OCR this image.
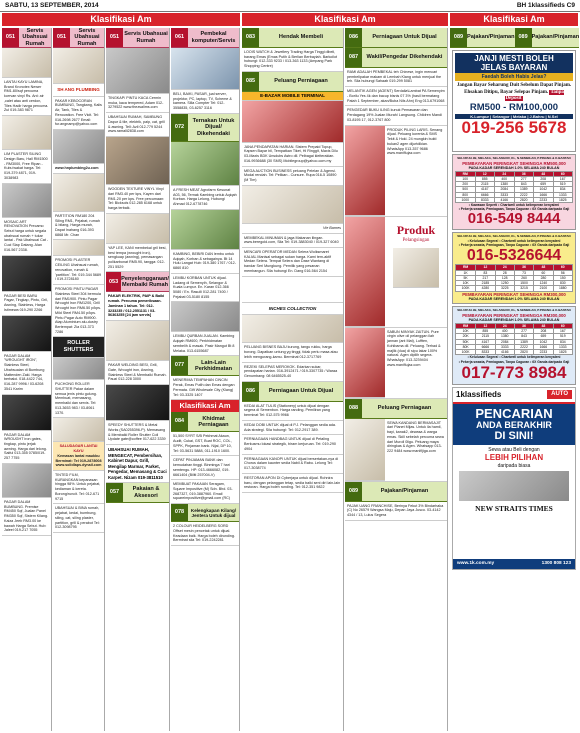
SABTU, 13 SEPTEMBER, 2014	BH 1klassifieds C9
Klasifikasi Am	Klasifikasi Am	Klasifikasi Am
051
Servis Ubahsuai Rumah
LANTAI KAYU LAMINA, Brand Kronotex Newer RM1.80/sqf percuma korrvan vinyl Rs. Ant: air ,calet atau anti cerdon, Tiles Hadir harga percuma. Zul 019-383 9871
LIM PLASTER SILING Design Baru, Hall RM1500 - RM3000, Free Ripan - Kubu'wakat harga. Tel: 019-379 4871, 019-3038983
MOSAIC ART RENOVATION Precamo Sebut harga untuk segala ubahsuai rumah + tukar lantai - Pak Ubahsuai Cat - Cuci Siap Datang. Alan 016-567 2338.
PAGAR BESI BARU Pagar, Tingkap, Pintu, Gril, Awning, Stainless, Harga Istimewa 019-290 2266
PAGAR DALAM "WROUGHT IRON", Stainless Steel, Ubahsuaian di Bumbung Mattenden Zaki. Harga berbaloi. 018-4422 744, 016-287 9996 / 03-6208 3541 Karim
PAGAR DALAM WROUGHT iron gates, tingkap, pintu jerjak awning. Harga dari lelong. Saiful 013-355 0785/019-257 7755
PAGAR DALAM BUMBUNG. Premise RM450 Sqf, Jualan Panel RM350 Sqf, Sistem Kilang. Kaiza Jeeb RM3.00 ke bawah Harga Sebut. Hub: Jaleel 019-217 7055
051
Servis Ubahsuai Rumah
SH ANG PLUMBING
PAKAR KEBOCORAN BUMBUNG, Tangkang, Kalis Air, Tank, Tiles & Renovation. Free Vicit. Tel: 016-2698 2677 Email: fur.angnamp@yahoo.com
www.hnplumbing2u.com
PARTITION RM180 204 Siling RM1, Pejabat, rumah & bilang, Harga murah, Dapat Inahang 016-393 6868 Mr. Chan
PROMOSI PLASTER CEILING Ubahsuai rumah, renovation, rumah & 'partition'. Tel: 019-344 5689 / 019-3728180
PROMOSI PINTU PAGAR Stainless Steel 304 bermula dari RM1900. Pintu Pagar Wrought Iron RM1200, Grill Wrought Iron RM6.50 p/kps. Mild Steel RM4.50 p/kps. Pintu Pagar Auto RM900. Atap Aluminium alu-dustry Bertempat: Zia 013-373 7286
ROLLER SHUTTERS
PUCHONG ROLLER SHUTTER Pakar dalam semua jenis pintu gulung. Membuat, memasang, membaiki dan servis. Tel: 013-3653 983 / 03-8061 1370.
SALUDAGAR LANTAI KAYU
Kemasan lantai maukbu
Berminat: Tel 019-2878008
www.solidlaps.dynail.com
TINTED FILM, KURANGKAN kepanasan hingga 98%. Untuk pejabat, kediaman & kereta. Borong/runcit. Tel: 012-671 9715
UBAHSUAI & BINA rumah, pejabat, kedai, bumbung, siling, cat, siling plaster, partition, grill & perabot Tel: 012-3098795
051 Servis Ubahsuai Rumah
TINGKAP/ PINTU KACA Cermin muka, kaca tempered, Adam 012-3279522 www.thezsalims.com
UBAHSUAI RUMAH, SAMBUNG Dapur & tile, elektrik, paip, cat, grill & awning. Tell: Azli 012-779 5244 www.ramalli2838.com
WOODEN TEXTURE VINYL Vinyl dari RM3.40 per kps, Kayen dari RM1.20 per kps. Free percumaan: Tel: Bicksols 012-285 6168 untuk harga terbaik.
YAP LEE, KANI membekal gril besi, besi tempa (wrought iron), sengkuap (awning), pemasangan polikarbonat RM5.90, tangga: 012-251 5529
053 Penyelenggaraan/ Membaiki Rumah
PAKAR ELEKTRIK, PAIP & Baiki rumah. Percuma pemeriksaan. Jaminan 1 tahun. Tel: 012-3233235 / 012-2551131 / 03-56363255 [24 jam servis]
PAKAR WELDING BESI, Grill, Gate, Wrought iron, Awning, Stainless Steel & Membaiki Rumah. Pauzi 012-228 3000
SPEEDY SHUTTERS & Metal Works (SA0255396-P). Memasang & Membaiki Roller Shutter Coil Update gate@coffee 017-622 3339
UBAHSUAI RUMAH, MENGECAT, Pembersihan, Kabinet Dapur, Grill, Mengilap Marmar, Parket, Pengedar, Memasang & Cuci Karpet. Nizam 019-3811510
057	Pakaian & Aksesori
061	Pembekal komputer/Servis
BELI, BAIKI, PASAR, jual server, projektor, PC, laptop, TV, Scheme & kamera. Silla Compter Tel: 012-3558835, 03-6257 3116
072
Ternakan Untuk Dijual/ Dikehendaki
A FRESH MEAT Agrofarm Kesunat A03, 56, Ternak Kambing untuk Aqiqah Korban. Harga Lelong, Hubungi Ahmad 012-6778746
KAMBING, BEBIRI DAN lembu untuk Aqiqah, Korban & sebagainya. Bt 14 Hulu Langat Hub: 019-380 1767 / 012-6860 810
LEMBU KORBAN UNTUK dijual. Ladang di Semenyih, Selangor & Kuala Lumpur. En. Karan 012-366 5080 / En. Rasulli 012-281 7400 / Pejabat 03-5180 8155
LEMBU QURBAN JUALAN. Kambing Aqiqah RM600, Perkhidmatan sembelih & masak. Pasir Mangut Bt 8 Melaka. 013-6155687
077	Lain-Lain Perkhidmatan
MENERIMA TEMPAHAN CINCIN Perak, Emas Putih dan Emas dengan Permata. Gift Wholesale City (Klang) Tel: 03-3325 1407
Klasifikasi Am
084	Khidmat Perniagaan
51,500 SYRT S/B Pekhmat Akaun, Audit, Cukai, GST, Buat ROC, COL, SPPK, Pinjaman bank. Nijal, DP 10, Tel: 03-5631 5888, 011-1910 1600.
CEPAT PINJAMAN BANK dan kemudahan tinggi. Binminga 7 hari semtengu. HP: 013-4666082, 019-6661404 (Biliti 257004-V)
MEMBUAT PAKAIAN Seragam, Square Impositive (M) Sdn. Bhd. 03-2687327, 019-3887960. Email squareimpositive@gmail.com (RC)
078	Kelengkapan Kilang/ Jentera Untuk dijual
2 COLOUR HEIDELBERG SORD Offset mesin pencetak untuk dijual. Keadaan baik. Harga boleh dirunding. Berminat sila Tel: 019-2242281
083	Hendak Membeli
LOOIS WATCH & Jewellery Trading Harga Tinggi dibeli, barang Emas (Emas Putih & Berlian Berbayiah. Barkoilot hubungi: 012-333 9233 / 013-363 1133 (Ampang Park Shopping Centre)
085	Peluang Perniagaan
E-BAZAR MOBILE TERMINAL
JANA PENDAPATAN HARIAN. Sistem Prepaid Topup, Kapsen Bayar bil, Tempatkan Tiket, Hi Ringgit, Maxis Dilu 03-Maxis BDK Unsdubs Astro dll. Pelbagai kleiterakian. 016-9936688 (30 SMS) Mobilegroup@yahoo.com.my
MEGA AUCTION BUSINESS peluang Pelelan & Agensi. Modal rendah. Tel: Pelikan - Cursure. Rupa 016-5 10890 (M Tim)
Vie Barnes
MEMBEKAL MINUMAN & jaga Makanan lilngan. www.beregold.com, Sila Tel: 019-3883040 / 019-327 6040
MENCARI OPERATOR MEDAN Selera Wolksmaret KALIAL Manisal sebagai sukan harga. Kami tem-aktif Medan Selera. Tempat Selera dan Dase Wantang di bandar Seri Mungkung. Pemilik yang pesanan membangun. Sila hubungi En. Dang 016-564 2154
INCHES COLLECTION
PELUANG BISNES BAJU kurung, tangu rukku, harga borong. Dapatkan untung yg tinggi, tidak perlu masa atau lebih mengurang-kamu. Berminat 012-3717769
REZEKI SELEPAS MEROKOK. Edarkan sukar, pendapatan harian. 016-3912471 / 019-3307735 / Waraa Genumbang: 08 6465525-40
086	Perniagaan Untuk Dijual
KEDAI ALAT TULIS (Stationery) untuk dijual dengan segera di Semenbon. Harga randing. Pemiliran yang berminat Tel: 012-575 9966
KEDAI DOBI UNTUK dijual di P.J. Pelanggan sedia ada. Ada strategi. Sila hubungi: Tel: 012-2917 389.
PERNIAGAAN HANDBAG UNTUK dijual di Petaling Berkusmu lokasi strategik, biram kerjuruan. Tel: 019-290 4904
PERNIAGAAN KANOPI UNTUK dijual bersertakan-nya di Chorus dalam kaunter sedia Nabil & Rabu. Lelong Tel: 017-3038774
RESTORAN APON DI Cyberjaya untuk dijual. Rohnira baru, dengan pelanggan tetap, sedia baiki seni diri lain-lain restoran. Harga boleh runding. Tel: 012-351 9822
086	Perniagaan Untuk Dijual
087	Wakil/Pengedar Dikehendaki
RAMI ADALAH PEMBEKAL teh Chinese, ingin mencari pembelipakar makam di Lembah Klang untuk menjual the teh. Sila hubungi Sahaab 019-299 5081
MELANTIK AGEN (AGENT) Serdalia\Lambat PA Semenyim - Borilu Yes 4k dan bacup bisnis 07 3% (hasil bermatang Patah 1 September, akan/Buba Nils Ahn) Eng 013-6791068
PENGEDAR BUKU ILING kunuk Pemasaran dan Perdagang 19% Jualan Murah/ Langsung. Children Mandi 03-8195 17, 012-3767 800
PRODUK PILING LARIS. Senang dijual. Peluang korenta & SMS Tekit & Hoki. 24 mungkin bukti bukan2 agen dijurtdikian. WhatsApp 013-357 9686 www.maniflujaz.com
Produk
Pelangsingan
SABUN MINYAK ZAITUN. Pure virgin olive oil pelanggan ilah jannan (ant Mat), Lufften, Kohibama dll. Peluang. Terhad & majlik (dua) di sipu lakar 100% natural. Agen dipilih segera. WhatsApp: 013-3239404 www.maniflujaz.com
088	Peluang Perniagaan
SEWA KANDANG BERMASAJIT dari Planet Mijas. Untuk ila hamil, bayi, kanak2, dewasa & warga emas. Skill sebelah percuma sewa dari Muroll 0ligu. Peluang maya diringkas & Agen. Whatsapp 013-222 9484 www.manifijiga.com
089	Pajakan/Pinjaman
PAJAK UANG FRANCHISE, Berinya Fekut 3% Bindarhaka (C) No 26579 Wangsa Maju, Depan Jaya Jusco. 03-4142 4344 / 13, Lulus Segera
089 Pajakan/Pinjaman 089 Pajakan/Pinjaman
JANJI MESTI BOLEH
JELAS BAYARAN
Faedah Boleh Habis Jelas?
Jangan Bayar Seharung Duit Sebelum Dapat Pinjam.
Ehsakan Ditipu, Bayar Selepas Pinjam. Tanpa Deposit
RM500 - RM100,000
K.Lumpur | Selangor | Melaka | J.Bahru | N.Sel
019-256 5678
SELURUH JB, MELAKA, SELANGOR, KL, N.SEMBILAN, P.PINANG & K.BANTAN
PEMBAYARAN PERINGKAT SEHINGGA RM500,000
PADA KADAR SERENDAH 1.0% SELAMA 240 BULAN
RM	12	24	36	48	60
100	855	400	277	208	167
200	2115	1380	843	659	519
500	4167	2084	1389	1042	834
800	6666	3333	2222	1666	1333
1000	8333	4166	2820	2233	1825
• Kawasan Seperti • Chartwell untuk kelimperan kenyaleni
• Pekerja swasta, Pemiagaan, Tanpa Caguran • 6X Ganda daripada Gaji
016-549 8444
SELURUH JB, MELAKA, SELANGOR, KL, N.SEMBILAN, P.PINANG & K.BANTAN
• Kelulusan Segera! • Chartwell untuk kelimperan kenyaleni
• Pekerja swasta, Pemiagaan, Tanpa Caguran • 6X Ganda daripada Gaji
016-5326644
RM	12	24	36	48	60
1K	83	28	73	60	56
5K	217	128	260	280	150
10K	2185	1250	1500	1240	830
100K	4280	3225	3215	2100	1880
PEMBAYARAN PERINGKAT SEHINGGA RM300,000
PADA KADAR SERENDAH 1.0% SELAMA 240 BULAN
SELURUH JB, MELAKA, SELANGOR, KL, N.SEMBILAN, P.PINANG & K.BANTAN
PEMBAYARAN PERINGKAT SEHINGGA RM300,000
PADA KADAR SERENDAH 1.0% SELAMA 240 BULAN
RM	12	24	36	48	60
10K	855	400	277	208	167
20K	2115	1380	843	659	519
50K	4167	2084	1389	1042	834
80K	6666	3333	2222	1666	1333
100K	8333	4166	2820	2233	1825
• Kelulusan Segera! • Chartwell untuk kelimperan kenyaleni
• Pekerja swasta, Pemiagaan, Tanpa Caguran • 6X Ganda daripada Gaji
017-773 8984
1klassifieds	AUTO
PENCARIAN
ANDA BERAKHIR
DI SINI!
Sewa atau Beli dengan
LEBIH PILIHAN
daripada biasa
NEW STRAITS TIMES
www.1k.com.my	1300 808 123
